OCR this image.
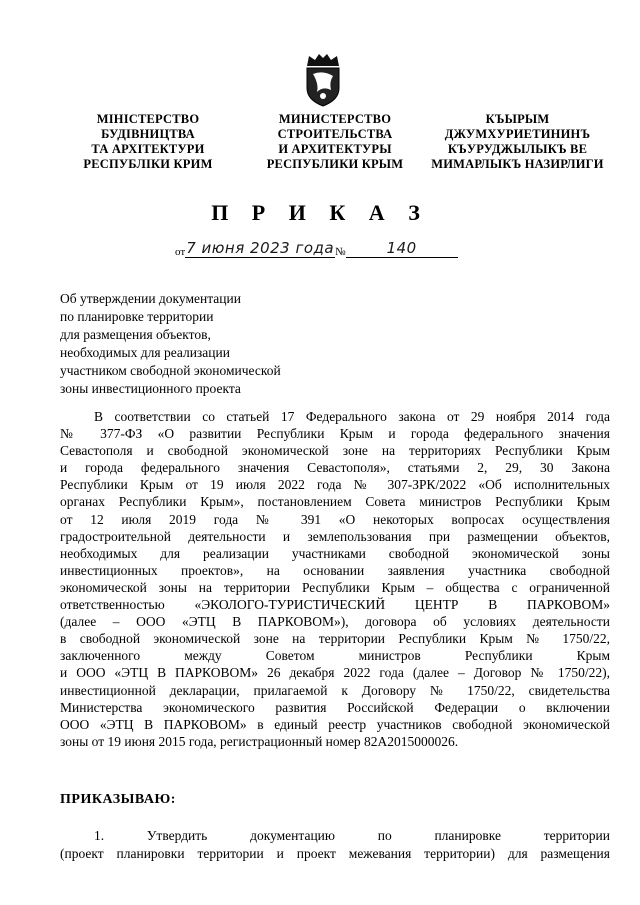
МІНІСТЕРСТВО
БУДІВНИЦТВА
ТА АРХІТЕКТУРИ
РЕСПУБЛІКИ КРИМ
МИНИСТЕРСТВО
СТРОИТЕЛЬСТВА
И АРХИТЕКТУРЫ
РЕСПУБЛИКИ КРЫМ
КЪЫРЫМ
ДЖУМХУРИЕТИНИНЪ
КЪУРУДЖЫЛЫКЪ ВЕ
МИМАРЛЫКЪ НАЗИРЛИГИ
П Р И К А З
от 7 июня 2023 года №	140
Об утверждении документации
по планировке территории
для размещения объектов,
необходимых для реализации
участником свободной экономической
зоны инвестиционного проекта
В соответствии со статьей 17 Федерального закона от 29 ноября 2014 года
№ 377-ФЗ «О развитии Республики Крым и города федерального значения
Севастополя и свободной экономической зоне на территориях Республики Крым
и города федерального значения Севастополя», статьями 2, 29, 30 Закона
Республики Крым от 19 июля 2022 года № 307-ЗРК/2022 «Об исполнительных
органах Республики Крым», постановлением Совета министров Республики Крым
от 12 июля 2019 года № 391 «О некоторых вопросах осуществления
градостроительной деятельности и землепользования при размещении объектов,
необходимых для реализации участниками свободной экономической зоны
инвестиционных проектов», на основании заявления участника свободной
экономической зоны на территории Республики Крым – общества с ограниченной
ответственностью «ЭКОЛОГО-ТУРИСТИЧЕСКИЙ ЦЕНТР В ПАРКОВОМ»
(далее – ООО «ЭТЦ В ПАРКОВОМ»), договора об условиях деятельности
в свободной экономической зоне на территории Республики Крым № 1750/22,
заключенного между Советом министров Республики Крым
и ООО «ЭТЦ В ПАРКОВОМ» 26 декабря 2022 года (далее – Договор № 1750/22),
инвестиционной декларации, прилагаемой к Договору № 1750/22, свидетельства
Министерства экономического развития Российской Федерации о включении
ООО «ЭТЦ В ПАРКОВОМ» в единый реестр участников свободной экономической
зоны от 19 июня 2015 года, регистрационный номер 82А2015000026.
ПРИКАЗЫВАЮ:
1. Утвердить документацию по планировке территории
(проект планировки территории и проект межевания территории) для размещения
